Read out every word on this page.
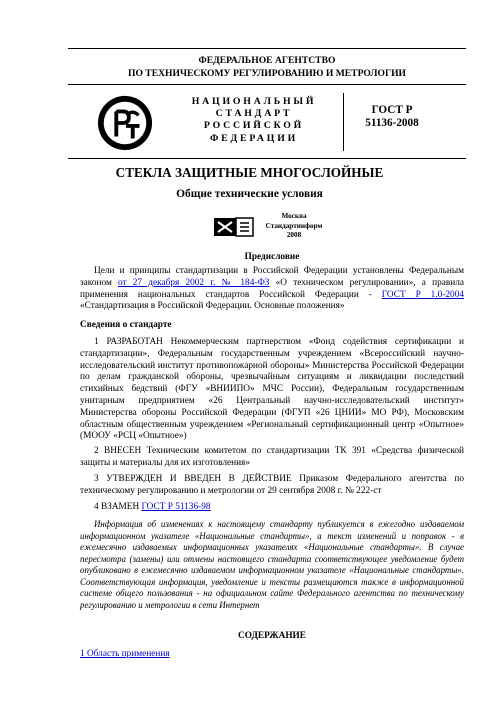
ФЕДЕРАЛЬНОЕ АГЕНТСТВО
ПО ТЕХНИЧЕСКОМУ РЕГУЛИРОВАНИЮ И МЕТРОЛОГИИ
НАЦИОНАЛЬНЫЙ
СТАНДАРТ
РОССИЙСКОЙ
ФЕДЕРАЦИИ
ГОСТ Р
51136-2008
СТЕКЛА ЗАЩИТНЫЕ МНОГОСЛОЙНЫЕ
Общие технические условия
Москва
Стандартинформ
2008
Предисловие
Цели и принципы стандартизации в Российской Федерации установлены Федеральным законом от 27 декабря 2002 г. № 184-ФЗ «О техническом регулировании», а правила применения национальных стандартов Российской Федерации - ГОСТ Р 1.0-2004 «Стандартизация в Российской Федерации. Основные положения»
Сведения о стандарте
1 РАЗРАБОТАН Некоммерческим партнерством «Фонд содействия сертификации и стандартизации», Федеральным государственным учреждением «Всероссийский научно-исследовательский институт противопожарной обороны» Министерства Российской Федерации по делам гражданской обороны, чрезвычайным ситуациям и ликвидации последствий стихийных бедствий (ФГУ «ВНИИПО» МЧС России), Федеральным государственным унитарным предприятием «26 Центральный научно-исследовательский институт» Министерства обороны Российской Федерации (ФГУП «26 ЦНИИ» МО РФ), Московским областным общественным учреждением «Региональный сертификационный центр «Опытное» (МООУ «РСЦ «Опытное»)
2 ВНЕСЕН Техническим комитетом по стандартизации ТК 391 «Средства физической защиты и материалы для их изготовления»
3 УТВЕРЖДЕН И ВВЕДЕН В ДЕЙСТВИЕ Приказом Федерального агентства по техническому регулированию и метрологии от 29 сентября 2008 г. № 222-ст
4 ВЗАМЕН ГОСТ Р 51136-98
Информация об изменениях к настоящему стандарту публикуется в ежегодно издаваемом информационном указателе «Национальные стандарты», а текст изменений и поправок - в ежемесячно издаваемых информационных указателях «Национальные стандарты». В случае пересмотра (замены) или отмены настоящего стандарта соответствующее уведомление будет опубликовано в ежемесячно издаваемом информационном указателе «Национальные стандарты». Соответствующая информация, уведомление и тексты размещаются также в информационной системе общего пользования - на официальном сайте Федерального агентства по техническому регулированию и метрологии в сети Интернет
СОДЕРЖАНИЕ
1 Область применения
